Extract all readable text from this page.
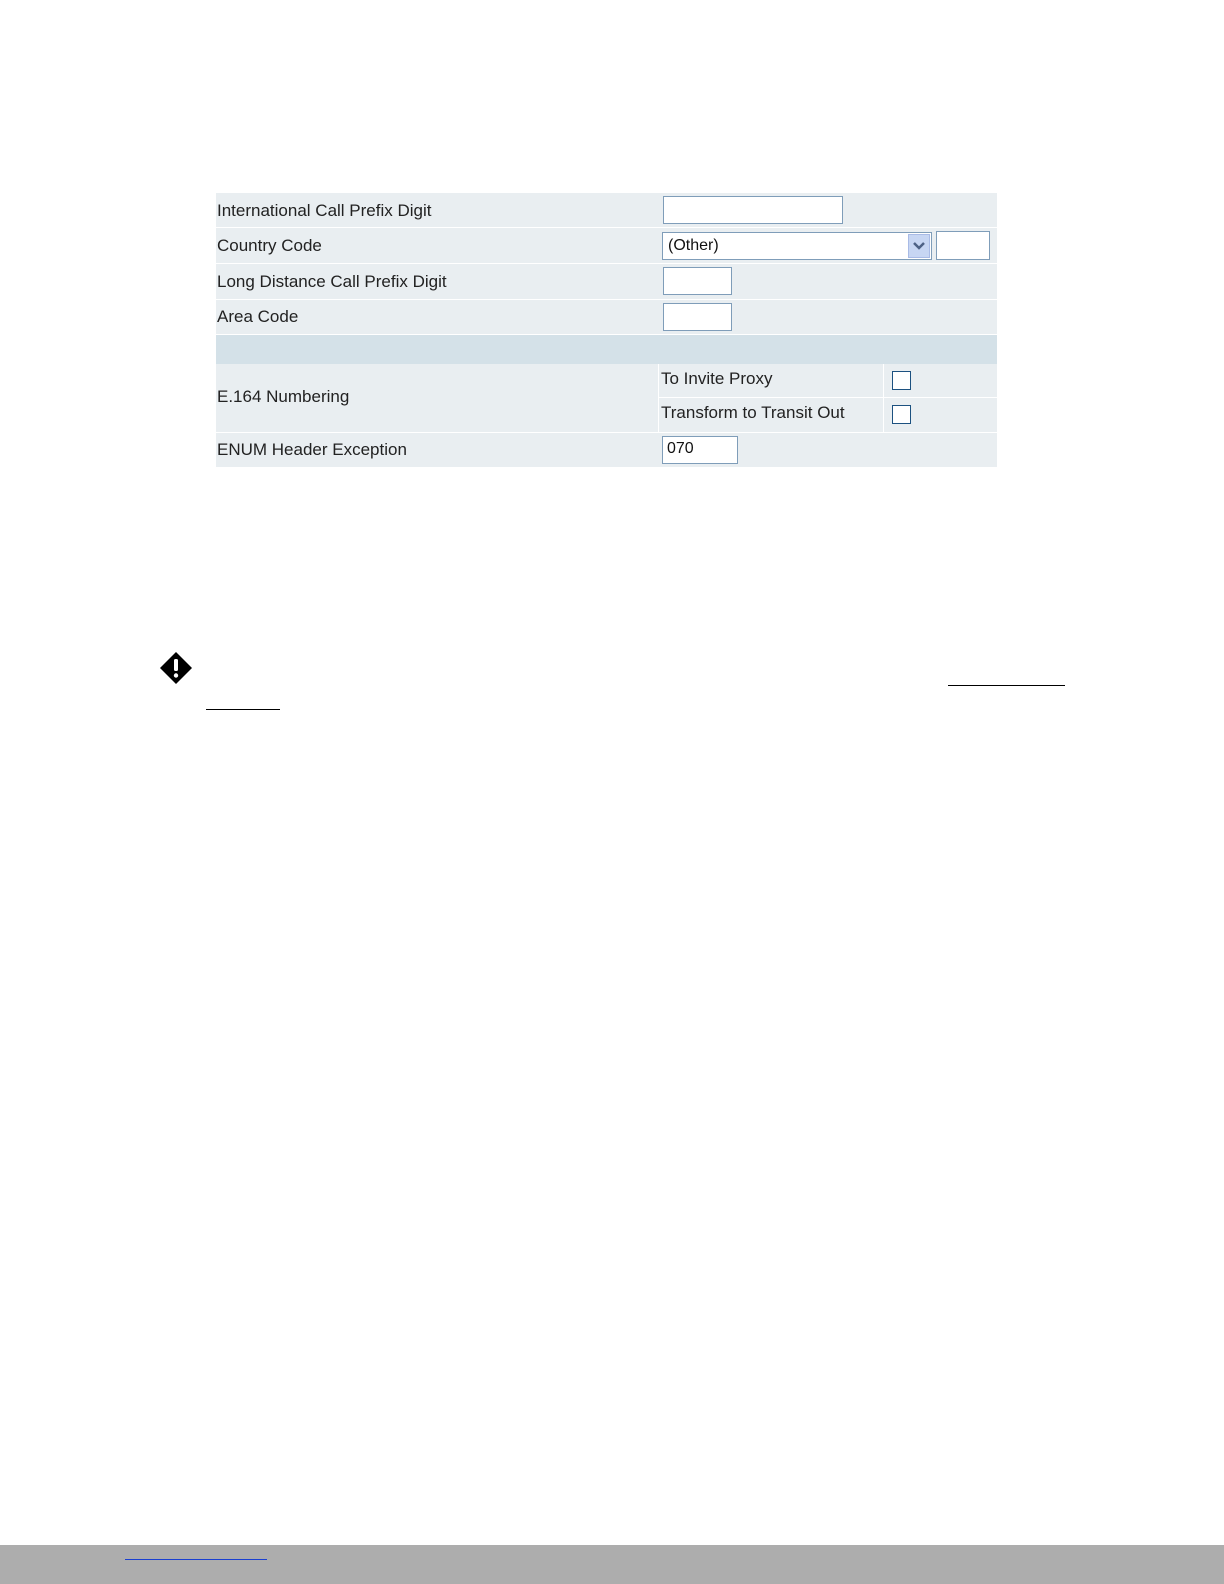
International Call Prefix Digit
Country Code	(Other)
Long Distance Call Prefix Digit
Area Code
E.164 Numbering
To Invite Proxy
Transform to Transit Out
ENUM Header Exception	070
